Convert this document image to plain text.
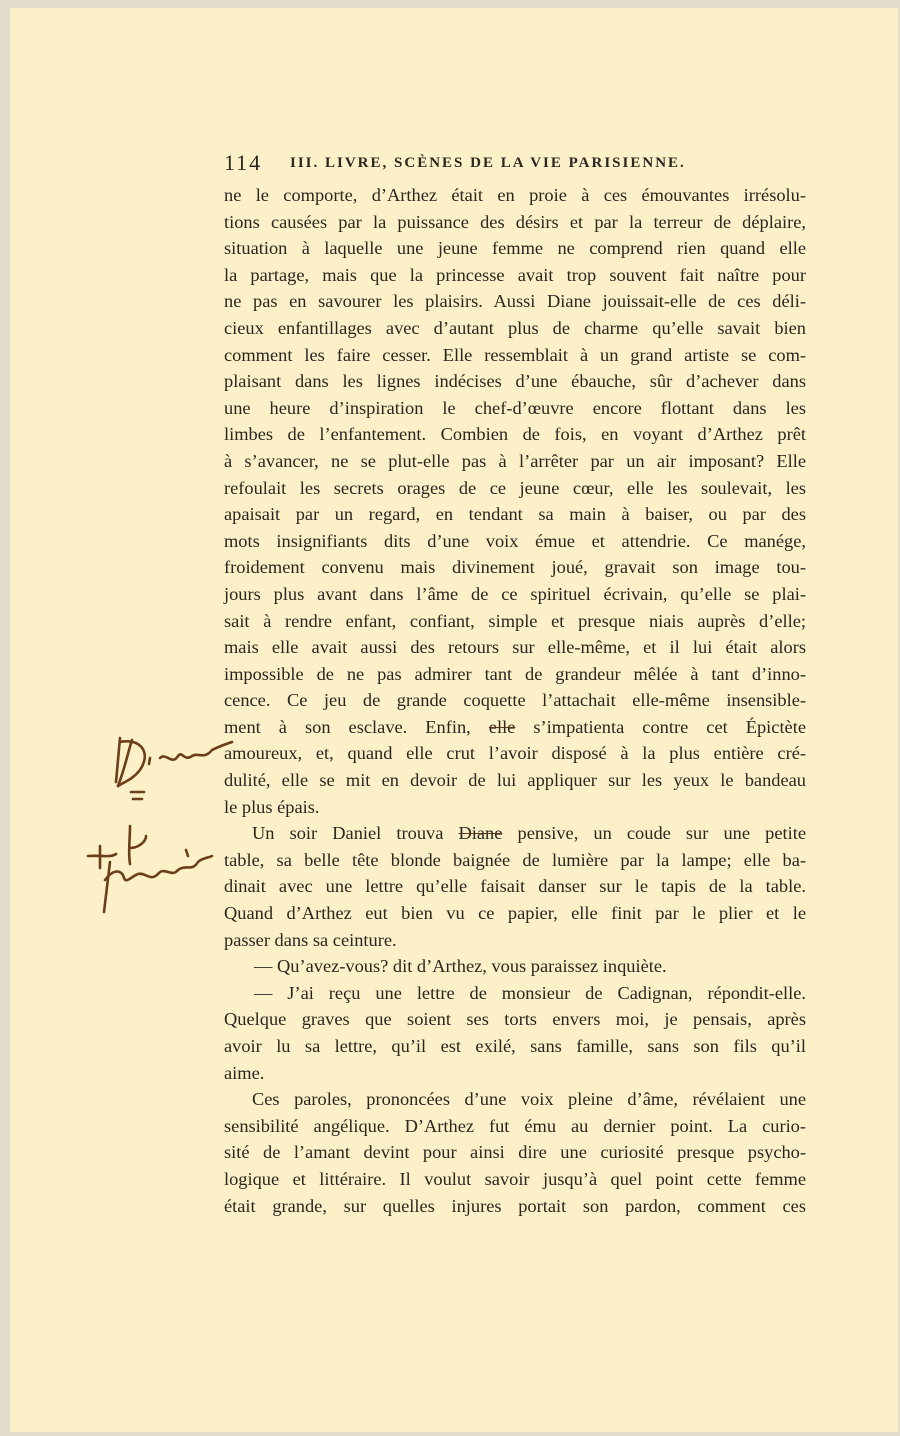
114 III. LIVRE, SCÈNES DE LA VIE PARISIENNE.
ne le comporte, d’Arthez était en proie à ces émouvantes irrésolu-
tions causées par la puissance des désirs et par la terreur de déplaire,
situation à laquelle une jeune femme ne comprend rien quand elle
la partage, mais que la princesse avait trop souvent fait naître pour
ne pas en savourer les plaisirs. Aussi Diane jouissait-elle de ces déli-
cieux enfantillages avec d’autant plus de charme qu’elle savait bien
comment les faire cesser. Elle ressemblait à un grand artiste se com-
plaisant dans les lignes indécises d’une ébauche, sûr d’achever dans
une heure d’inspiration le chef-d’œuvre encore flottant dans les
limbes de l’enfantement. Combien de fois, en voyant d’Arthez prêt
à s’avancer, ne se plut-elle pas à l’arrêter par un air imposant? Elle
refoulait les secrets orages de ce jeune cœur, elle les soulevait, les
apaisait par un regard, en tendant sa main à baiser, ou par des
mots insignifiants dits d’une voix émue et attendrie. Ce manége,
froidement convenu mais divinement joué, gravait son image tou-
jours plus avant dans l’âme de ce spirituel écrivain, qu’elle se plai-
sait à rendre enfant, confiant, simple et presque niais auprès d’elle;
mais elle avait aussi des retours sur elle-même, et il lui était alors
impossible de ne pas admirer tant de grandeur mêlée à tant d’inno-
cence. Ce jeu de grande coquette l’attachait elle-même insensible-
ment à son esclave. Enfin, elle s’impatienta contre cet Épictète
amoureux, et, quand elle crut l’avoir disposé à la plus entière cré-
dulité, elle se mit en devoir de lui appliquer sur les yeux le bandeau
le plus épais.
Un soir Daniel trouva Diane pensive, un coude sur une petite
table, sa belle tête blonde baignée de lumière par la lampe; elle ba-
dinait avec une lettre qu’elle faisait danser sur le tapis de la table.
Quand d’Arthez eut bien vu ce papier, elle finit par le plier et le
passer dans sa ceinture.
— Qu’avez-vous? dit d’Arthez, vous paraissez inquiète.
— J’ai reçu une lettre de monsieur de Cadignan, répondit-elle.
Quelque graves que soient ses torts envers moi, je pensais, après
avoir lu sa lettre, qu’il est exilé, sans famille, sans son fils qu’il
aime.
Ces paroles, prononcées d’une voix pleine d’âme, révélaient une
sensibilité angélique. D’Arthez fut ému au dernier point. La curio-
sité de l’amant devint pour ainsi dire une curiosité presque psycho-
logique et littéraire. Il voulut savoir jusqu’à quel point cette femme
était grande, sur quelles injures portait son pardon, comment ces
